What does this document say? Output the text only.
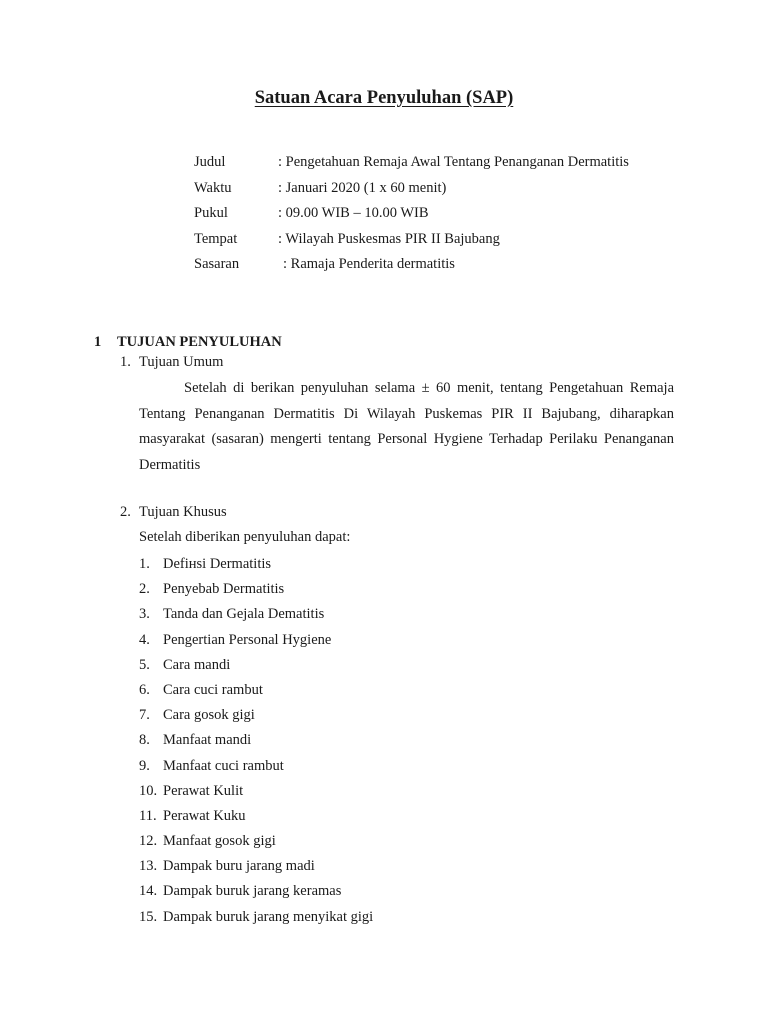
Satuan Acara Penyuluhan (SAP)
Judul	: Pengetahuan Remaja Awal Tentang Penanganan Dermatitis
Waktu	: Januari 2020 (1 x 60 menit)
Pukul	: 09.00 WIB – 10.00 WIB
Tempat	: Wilayah Puskesmas PIR II Bajubang
Sasaran	: Ramaja Penderita dermatitis
1 TUJUAN PENYULUHAN
1. Tujuan Umum
Setelah di berikan penyuluhan selama ± 60 menit, tentang Pengetahuan Remaja Tentang Penanganan Dermatitis Di Wilayah Puskemas PIR II Bajubang, diharapkan masyarakat (sasaran) mengerti tentang Personal Hygiene Terhadap Perilaku Penanganan Dermatitis
2. Tujuan Khusus
Setelah diberikan penyuluhan dapat:
1. Defінsi Dermatitis
2. Penyebab Dermatitis
3. Tanda dan Gejala Dematitis
4. Pengertian Personal Hygiene
5. Cara mandi
6. Cara cuci rambut
7. Cara gosok gigi
8. Manfaat mandi
9. Manfaat cuci rambut
10. Perawat Kulit
11. Perawat Kuku
12. Manfaat gosok gigi
13. Dampak buru jarang madi
14. Dampak buruk jarang keramas
15. Dampak buruk jarang menyikat gigi
